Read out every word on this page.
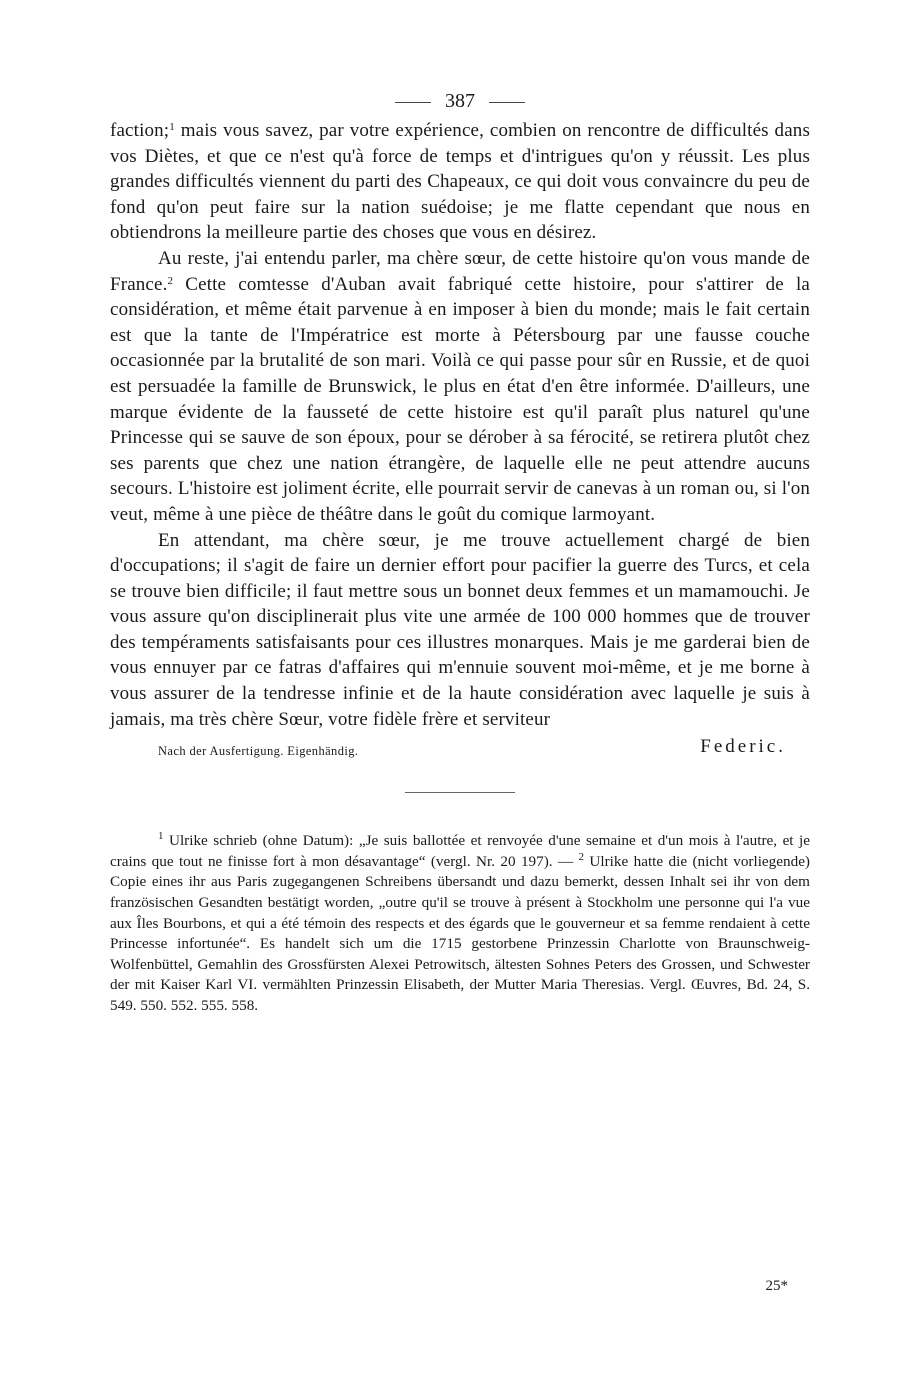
387

faction;$^1$ mais vous savez, par votre expérience, combien on rencontre de difficultés dans vos Diètes, et que ce n'est qu'à force de temps et d'intrigues qu'on y réussit. Les plus grandes difficultés viennent du parti des Chapeaux, ce qui doit vous convaincre du peu de fond qu'on peut faire sur la nation suédoise; je me flatte cependant que nous en obtiendrons la meilleure partie des choses que vous en désirez.

Au reste, j'ai entendu parler, ma chère sœur, de cette histoire qu'on vous mande de France.$^2$ Cette comtesse d'Auban avait fabriqué cette histoire, pour s'attirer de la considération, et même était parvenue à en imposer à bien du monde; mais le fait certain est que la tante de l'Impératrice est morte à Pétersbourg par une fausse couche occasionnée par la brutalité de son mari. Voilà ce qui passe pour sûr en Russie, et de quoi est persuadée la famille de Brunswick, le plus en état d'en être informée. D'ailleurs, une marque évidente de la fausseté de cette histoire est qu'il paraît plus naturel qu'une Princesse qui se sauve de son époux, pour se dérober à sa férocité, se retirera plutôt chez ses parents que chez une nation étrangère, de laquelle elle ne peut attendre aucuns secours. L'histoire est joliment écrite, elle pourrait servir de canevas à un roman ou, si l'on veut, même à une pièce de théâtre dans le goût du comique larmoyant.

En attendant, ma chère sœur, je me trouve actuellement chargé de bien d'occupations; il s'agit de faire un dernier effort pour pacifier la guerre des Turcs, et cela se trouve bien difficile; il faut mettre sous un bonnet deux femmes et un mamamouchi. Je vous assure qu'on disciplinerait plus vite une armée de 100 000 hommes que de trouver des tempéraments satisfaisants pour ces illustres monarques. Mais je me garderai bien de vous ennuyer par ce fatras d'affaires qui m'ennuie souvent moi-même, et je me borne à vous assurer de la tendresse infinie et de la haute considération avec laquelle je suis à jamais, ma très chère Sœur, votre fidèle frère et serviteur

Nach der Ausfertigung. Eigenhändig.	Federic.

$^1$ Ulrike schrieb (ohne Datum): „Je suis ballottée et renvoyée d'une semaine et d'un mois à l'autre, et je crains que tout ne finisse fort à mon désavantage“ (vergl. Nr. 20 197). — $^2$ Ulrike hatte die (nicht vorliegende) Copie eines ihr aus Paris zugegangenen Schreibens übersandt und dazu bemerkt, dessen Inhalt sei ihr von dem französischen Gesandten bestätigt worden, „outre qu'il se trouve à présent à Stockholm une personne qui l'a vue aux Îles Bourbons, et qui a été témoin des respects et des égards que le gouverneur et sa femme rendaient à cette Princesse infortunée“. Es handelt sich um die 1715 gestorbene Prinzessin Charlotte von Braunschweig-Wolfenbüttel, Gemahlin des Grossfürsten Alexei Petrowitsch, ältesten Sohnes Peters des Grossen, und Schwester der mit Kaiser Karl VI. vermählten Prinzessin Elisabeth, der Mutter Maria Theresias. Vergl. Œuvres, Bd. 24, S. 549. 550. 552. 555. 558.

25*
